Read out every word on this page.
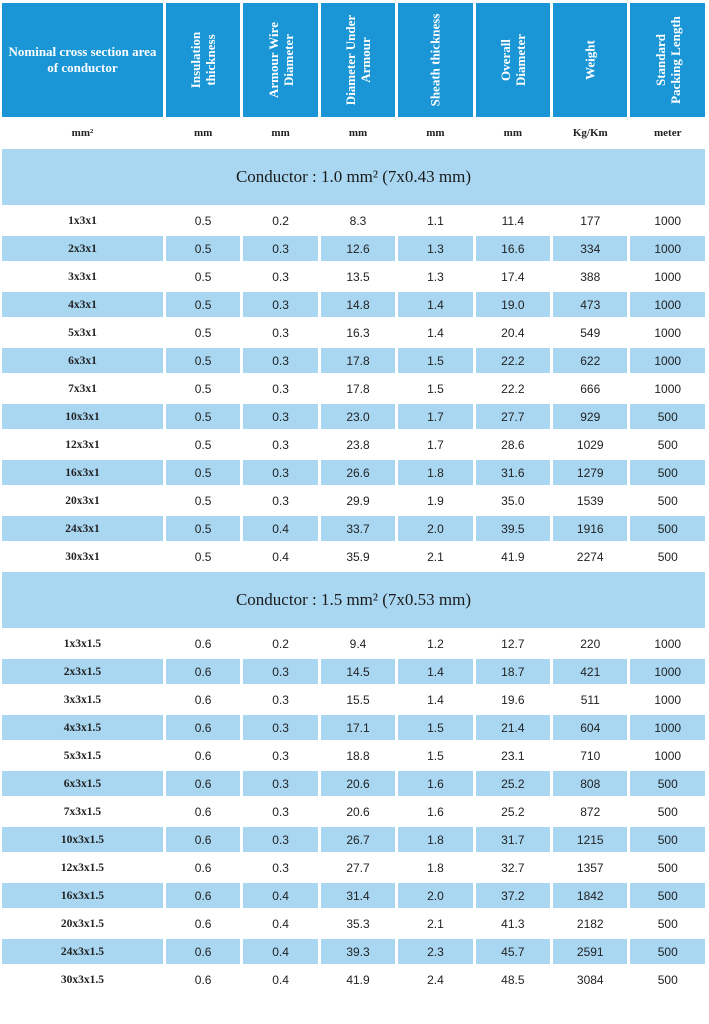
Nominal cross section area of conductor	Insulation thickness	Armour Wire Diameter	Diameter Under Armour	Sheath thickness	Overall Diameter	Weight	Standard Packing Length

mm²	mm	mm	mm	mm	mm	Kg/Km	meter
Conductor : 1.0 mm² (7x0.43 mm)							
1x3x1	0.5	0.2	8.3	1.1	11.4	177	1000
2x3x1	0.5	0.3	12.6	1.3	16.6	334	1000
3x3x1	0.5	0.3	13.5	1.3	17.4	388	1000
4x3x1	0.5	0.3	14.8	1.4	19.0	473	1000
5x3x1	0.5	0.3	16.3	1.4	20.4	549	1000
6x3x1	0.5	0.3	17.8	1.5	22.2	622	1000
7x3x1	0.5	0.3	17.8	1.5	22.2	666	1000
10x3x1	0.5	0.3	23.0	1.7	27.7	929	500
12x3x1	0.5	0.3	23.8	1.7	28.6	1029	500
16x3x1	0.5	0.3	26.6	1.8	31.6	1279	500
20x3x1	0.5	0.3	29.9	1.9	35.0	1539	500
24x3x1	0.5	0.4	33.7	2.0	39.5	1916	500
30x3x1	0.5	0.4	35.9	2.1	41.9	2274	500
Conductor : 1.5 mm² (7x0.53 mm)							
1x3x1.5	0.6	0.2	9.4	1.2	12.7	220	1000
2x3x1.5	0.6	0.3	14.5	1.4	18.7	421	1000
3x3x1.5	0.6	0.3	15.5	1.4	19.6	511	1000
4x3x1.5	0.6	0.3	17.1	1.5	21.4	604	1000
5x3x1.5	0.6	0.3	18.8	1.5	23.1	710	1000
6x3x1.5	0.6	0.3	20.6	1.6	25.2	808	500
7x3x1.5	0.6	0.3	20.6	1.6	25.2	872	500
10x3x1.5	0.6	0.3	26.7	1.8	31.7	1215	500
12x3x1.5	0.6	0.3	27.7	1.8	32.7	1357	500
16x3x1.5	0.6	0.4	31.4	2.0	37.2	1842	500
20x3x1.5	0.6	0.4	35.3	2.1	41.3	2182	500
24x3x1.5	0.6	0.4	39.3	2.3	45.7	2591	500
30x3x1.5	0.6	0.4	41.9	2.4	48.5	3084	500
